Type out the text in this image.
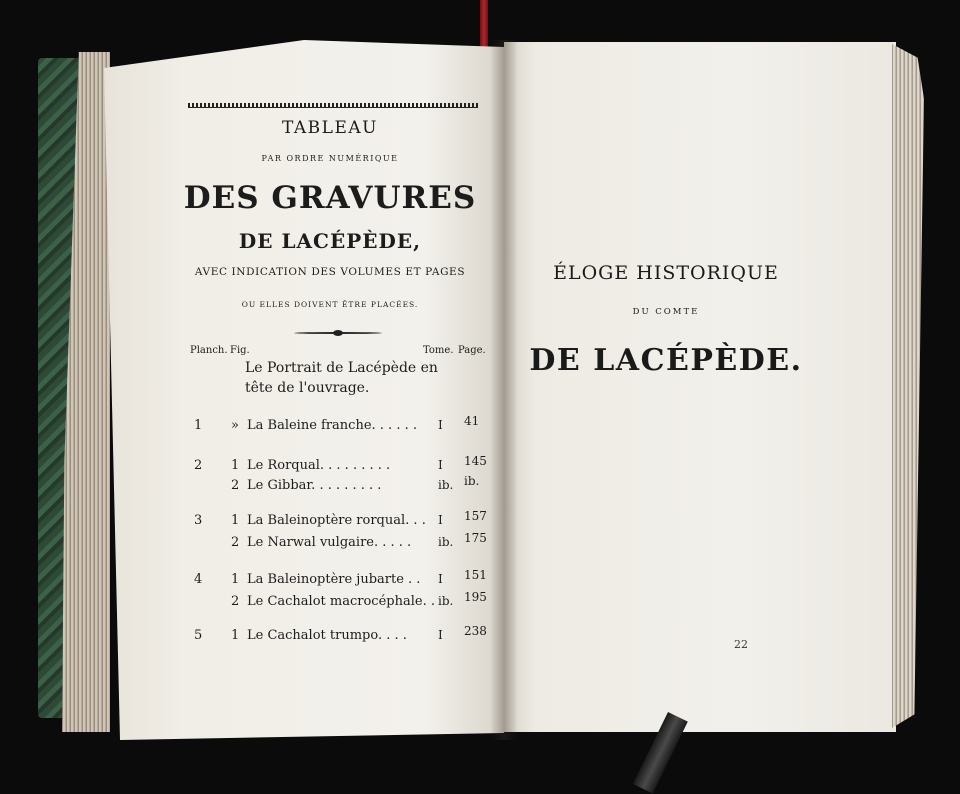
TABLEAU
PAR ORDRE NUMÉRIQUE
DES GRAVURES
DE LACÉPÈDE,
AVEC INDICATION DES VOLUMES ET PAGES
OU ELLES DOIVENT ÊTRE PLACÉES.
Planch. Fig.	Tome. Page.
Le Portrait de Lacépède en
tête de l'ouvrage.
1 » La Baleine franche. . . . . . I 41
2 1 Le Rorqual. . . . . . . . .	I 145
2 Le Gibbar. . . . . . . . .	ib. ib.
3 1 La Baleinoptère rorqual. . . I 157
2 Le Narwal vulgaire. . . . . ib. 175
4 1 La Baleinoptère jubarte . . I 151
2 Le Cachalot macrocéphale. . ib. 195
5 1 Le Cachalot trumpo. . . .	I 238
ÉLOGE HISTORIQUE
DU COMTE
DE LACÉPÈDE.
22
